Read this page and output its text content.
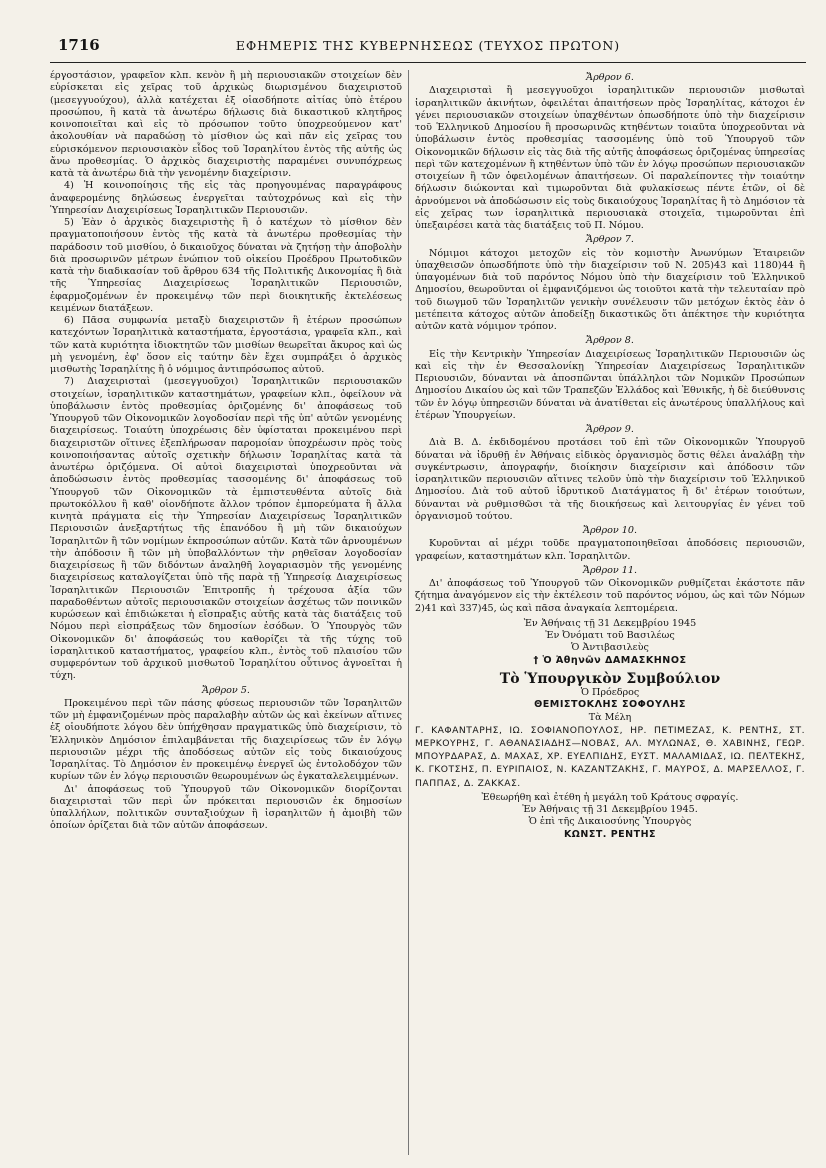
1716	ΕΦΗΜΕΡΙΣ ΤΗΣ ΚΥΒΕΡΝΗΣΕΩΣ (ΤΕΥΧΟΣ ΠΡΩΤΟΝ)

έργοστάσιον, γραφεῖον κλπ. κενὸν ἢ μὴ περιουσιακῶν στοιχείων δὲν εὑρίσκεται εἰς χεῖρας τοῦ ἀρχικὼς διωρισμένου διαχειριστοῦ (μεσεγγυούχου), ἀλλὰ κατέχεται ἐξ οἱασδήποτε αἰτίας ὑπὸ ἑτέρου προσώπου, ἢ κατὰ τὰ ἀνωτέρω δήλωσις διὰ δικαστικοῦ κλητῆρος κοινοποιεῖται καὶ εἰς τὸ πρόσωπον τοῦτο ὑποχρεούμενον κατ' ἀκολουθίαν νὰ παραδώσῃ τὸ μίσθιον ὡς καὶ πᾶν εἰς χεῖρας του εὑρισκόμενον περιουσιακὸν εἶδος τοῦ Ἰσραηλίτου ἐντὸς τῆς αὐτῆς ὡς ἄνω προθεσμίας. Ὁ ἀρχικὸς διαχειριστὴς παραμένει συνυπόχρεως κατὰ τὰ ἀνωτέρω διὰ τὴν γενομένην διαχείρισιν.

4) Ἡ κοινοποίησις τῆς εἰς τὰς προηγουμένας παραγράφους ἀναφερομένης δηλώσεως ἐνεργεῖται ταὐτοχρόνως καὶ εἰς τὴν Ὑπηρεσίαν Διαχειρίσεως Ἰσραηλιτικῶν Περιουσιῶν.

5) Ἐὰν ὁ ἀρχικὸς διαχειριστὴς ἢ ὁ κατέχων τὸ μίσθιον δὲν πραγματοποιήσουν ἐντὸς τῆς κατὰ τὰ ἀνωτέρω προθεσμίας τὴν παράδοσιν τοῦ μισθίου, ὁ δικαιοῦχος δύναται νὰ ζητήσῃ τὴν ἀποβολὴν διὰ προσωρινῶν μέτρων ἐνώπιον τοῦ οἰκείου Προέδρου Πρωτοδικῶν κατὰ τὴν διαδικασίαν τοῦ ἄρθρου 634 τῆς Πολιτικῆς Δικονομίας ἢ διὰ τῆς Ὑπηρεσίας Διαχειρίσεως Ἰσραηλιτικῶν Περιουσιῶν, ἐφαρμοζομένων ἐν προκειμένῳ τῶν περὶ διοικητικῆς ἐκτελέσεως κειμένων διατάξεων.

6) Πᾶσα συμφωνία μεταξὺ διαχειριστῶν ἢ ἑτέρων προσώπων κατεχόντων Ἰσραηλιτικὰ καταστήματα, ἐργοστάσια, γραφεῖα κλπ., καὶ τῶν κατὰ κυριότητα ἰδιοκτητῶν τῶν μισθίων θεωρεῖται ἄκυρος καὶ ὡς μὴ γενομένη, ἐφ' ὅσον εἰς ταύτην δὲν ἔχει συμπράξει ὁ ἀρχικὸς μισθωτὴς Ἰσραηλίτης ἢ ὁ νόμιμος ἀντιπρόσωπος αὐτοῦ.

7) Διαχειρισταὶ (μεσεγγυοῦχοι) Ἰσραηλιτικῶν περιουσιακῶν στοιχείων, ἰσραηλιτικῶν καταστημάτων, γραφείων κλπ., ὀφείλουν νὰ ὑποβάλωσιν ἐντὸς προθεσμίας ὁριζομένης δι' ἀποφάσεως τοῦ Ὑπουργοῦ τῶν Οἰκονομικῶν λογοδοσίαν περὶ τῆς ὑπ' αὐτῶν γενομένης διαχειρίσεως. Τοιαύτη ὑποχρέωσις δὲν ὑφίσταται προκειμένου περὶ διαχειριστῶν οἵτινες ἐξεπλήρωσαν παρομοίαν ὑποχρέωσιν πρὸς τοὺς κοινοποιήσαντας αὐτοῖς σχετικὴν δήλωσιν Ἰσραηλίτας κατὰ τὰ ἀνωτέρω ὁριζόμενα. Οἱ αὐτοὶ διαχειρισταὶ ὑποχρεοῦνται νὰ ἀποδώσωσιν ἐντὸς προθεσμίας τασσομένης δι' ἀποφάσεως τοῦ Ὑπουργοῦ τῶν Οἰκονομικῶν τὰ ἐμπιστευθέντα αὐτοῖς διὰ πρωτοκόλλου ἢ καθ' οἱονδήποτε ἄλλον τρόπον ἐμπορεύματα ἢ ἄλλα κινητὰ πράγματα εἰς τὴν Ὑπηρεσίαν Διαχειρίσεως Ἰσραηλιτικῶν Περιουσιῶν ἀνεξαρτήτως τῆς ἐπανόδου ἢ μὴ τῶν δικαιούχων Ἰσραηλιτῶν ἢ τῶν νομίμων ἐκπροσώπων αὐτῶν. Κατὰ τῶν ἀρνουμένων τὴν ἀπόδοσιν ἢ τῶν μὴ ὑποβαλλόντων τὴν ρηθεῖσαν λογοδοσίαν διαχειρίσεως ἢ τῶν διδόντων ἀναληθῆ λογαριασμὸν τῆς γενομένης διαχειρίσεως καταλογίζεται ὑπὸ τῆς παρὰ τῇ Ὑπηρεσίᾳ Διαχειρίσεως Ἰσραηλιτικῶν Περιουσιῶν Ἐπιτροπῆς ἡ τρέχουσα ἀξία τῶν παραδοθέντων αὐτοῖς περιουσιακῶν στοιχείων ἀσχέτως τῶν ποινικῶν κυρώσεων καὶ ἐπιδιώκεται ἡ εἴσπραξις αὐτῆς κατὰ τὰς διατάξεις τοῦ Νόμου περὶ εἰσπράξεως τῶν δημοσίων ἐσόδων. Ὁ Ὑπουργὸς τῶν Οἰκονομικῶν δι' ἀποφάσεώς του καθορίζει τὰ τῆς τύχης τοῦ ἰσραηλιτικοῦ καταστήματος, γραφείου κλπ., ἐντὸς τοῦ πλαισίου τῶν συμφερόντων τοῦ ἀρχικοῦ μισθωτοῦ Ἰσραηλίτου οὗτινος ἀγνοεῖται ἡ τύχη.

Ἄρθρον 5.

Προκειμένου περὶ τῶν πάσης φύσεως περιουσιῶν τῶν Ἰσραηλιτῶν τῶν μὴ ἐμφανιζομένων πρὸς παραλαβὴν αὐτῶν ὡς καὶ ἐκείνων αἵτινες ἐξ οἱουδήποτε λόγου δὲν ὑπήχθησαν πραγματικῶς ὑπὸ διαχείρισιν, τὸ Ἑλληνικὸν Δημόσιον ἐπιλαμβάνεται τῆς διαχειρίσεως τῶν ἐν λόγῳ περιουσιῶν μέχρι τῆς ἀποδόσεως αὐτῶν εἰς τοὺς δικαιούχους Ἰσραηλίτας. Τὸ Δημόσιον ἐν προκειμένῳ ἐνεργεῖ ὡς ἐντολοδόχον τῶν κυρίων τῶν ἐν λόγῳ περιουσιῶν θεωρουμένων ὡς ἐγκαταλελειμμένων.

Δι' ἀποφάσεως τοῦ Ὑπουργοῦ τῶν Οἰκονομικῶν διορίζονται διαχειρισταὶ τῶν περὶ ὧν πρόκειται περιουσιῶν ἐκ δημοσίων ὑπαλλήλων, πολιτικῶν συνταξιούχων ἢ ἰσραηλιτῶν ἡ ἀμοιβὴ τῶν ὁποίων ὁρίζεται διὰ τῶν αὐτῶν ἀποφάσεων.

Ἄρθρον 6.

Διαχειρισταὶ ἢ μεσεγγυοῦχοι ἰσραηλιτικῶν περιουσιῶν μισθωταὶ ἰσραηλιτικῶν ἀκινήτων, ὀφειλέται ἀπαιτήσεων πρὸς Ἰσραηλίτας, κάτοχοι ἐν γένει περιουσιακῶν στοιχείων ὑπαχθέντων ὁπωσδήποτε ὑπὸ τὴν διαχείρισιν τοῦ Ἑλληνικοῦ Δημοσίου ἢ προσωρινῶς κτηθέντων τοιαῦτα ὑποχρεοῦνται νὰ ὑποβάλωσιν ἐντὸς προθεσμίας τασσομένης ὑπὸ τοῦ Ὑπουργοῦ τῶν Οἰκονομικῶν δήλωσιν εἰς τὰς διὰ τῆς αὐτῆς ἀποφάσεως ὁριζομένας ὑπηρεσίας περὶ τῶν κατεχομένων ἢ κτηθέντων ὑπὸ τῶν ἐν λόγῳ προσώπων περιουσιακῶν στοιχείων ἢ τῶν ὀφειλομένων ἀπαιτήσεων. Οἱ παραλείποντες τὴν τοιαύτην δήλωσιν διώκονται καὶ τιμωροῦνται διὰ φυλακίσεως πέντε ἐτῶν, οἱ δὲ ἀρνούμενοι νὰ ἀποδώσωσιν εἰς τοὺς δικαιούχους Ἰσραηλίτας ἢ τὸ Δημόσιον τὰ εἰς χεῖρας των ἰσραηλιτικὰ περιουσιακὰ στοιχεῖα, τιμωροῦνται ἐπὶ ὑπεξαιρέσει κατὰ τὰς διατάξεις τοῦ Π. Νόμου.

Ἄρθρον 7.

Νόμιμοι κάτοχοι μετοχῶν εἰς τὸν κομιστὴν Ἀνωνύμων Ἑταιρειῶν ὑπαχθεισῶν ὁπωσδήποτε ὑπὸ τὴν διαχείρισιν τοῦ Ν. 205)43 καὶ 1180)44 ἢ ὑπαγομένων διὰ τοῦ παρόντος Νόμου ὑπὸ τὴν διαχείρισιν τοῦ Ἑλληνικοῦ Δημοσίου, θεωροῦνται οἱ ἐμφανιζόμενοι ὡς τοιοῦτοι κατὰ τὴν τελευταίαν πρὸ τοῦ διωγμοῦ τῶν Ἰσραηλιτῶν γενικὴν συνέλευσιν τῶν μετόχων ἐκτὸς ἐὰν ὁ μετέπειτα κάτοχος αὐτῶν ἀποδείξῃ δικαστικῶς ὅτι ἀπέκτησε τὴν κυριότητα αὐτῶν κατὰ νόμιμον τρόπον.

Ἄρθρον 8.

Εἰς τὴν Κεντρικὴν Ὑπηρεσίαν Διαχειρίσεως Ἰσραηλιτικῶν Περιουσιῶν ὡς καὶ εἰς τὴν ἐν Θεσσαλονίκῃ Ὑπηρεσίαν Διαχειρίσεως Ἰσραηλιτικῶν Περιουσιῶν, δύνανται νὰ ἀποσπῶνται ὑπάλληλοι τῶν Νομικῶν Προσώπων Δημοσίου Δικαίου ὡς καὶ τῶν Τραπεζῶν Ἑλλάδος καὶ Ἐθνικῆς, ἡ δὲ διεύθυνσις τῶν ἐν λόγῳ ὑπηρεσιῶν δύναται νὰ ἀνατίθεται εἰς ἀνωτέρους ὑπαλλήλους καὶ ἑτέρων Ὑπουργείων.

Ἄρθρον 9.

Διὰ Β. Δ. ἐκδιδομένου προτάσει τοῦ ἐπὶ τῶν Οἰκονομικῶν Ὑπουργοῦ δύναται νὰ ἱδρυθῇ ἐν Ἀθήναις εἰδικὸς ὀργανισμὸς ὅστις θέλει ἀναλάβῃ τὴν συγκέντρωσιν, ἀπογραφήν, διοίκησιν διαχείρισιν καὶ ἀπόδοσιν τῶν ἰσραηλιτικῶν περιουσιῶν αἵτινες τελοῦν ὑπὸ τὴν διαχείρισιν τοῦ Ἑλληνικοῦ Δημοσίου. Διὰ τοῦ αὐτοῦ ἱδρυτικοῦ Διατάγματος ἢ δι' ἑτέρων τοιούτων, δύνανται νὰ ρυθμισθῶσι τὰ τῆς διοικήσεως καὶ λειτουργίας ἐν γένει τοῦ ὀργανισμοῦ τούτου.

Ἄρθρον 10.

Κυροῦνται αἱ μέχρι τοῦδε πραγματοποιηθεῖσαι ἀποδόσεις περιουσιῶν, γραφείων, καταστημάτων κλπ. Ἰσραηλιτῶν.

Ἄρθρον 11.

Δι' ἀποφάσεως τοῦ Ὑπουργοῦ τῶν Οἰκονομικῶν ρυθμίζεται ἑκάστοτε πᾶν ζήτημα ἀναγόμενον εἰς τὴν ἐκτέλεσιν τοῦ παρόντος νόμου, ὡς καὶ τῶν Νόμων 2)41 καὶ 337)45, ὡς καὶ πᾶσα ἀναγκαία λεπτομέρεια.

Ἐν Ἀθήναις τῇ 31 Δεκεμβρίου 1945
Ἐν Ὀνόματι τοῦ Βασιλέως
Ὁ Ἀντιβασιλεὺς
† Ὁ Ἀθηνῶν ΔΑΜΑΣΚΗΝΟΣ
Τὸ Ὑπουργικὸν Συμβούλιον
Ὁ Πρόεδρος
ΘΕΜΙΣΤΟΚΛΗΣ ΣΟΦΟΥΛΗΣ
Τὰ Μέλη
Γ. ΚΑΦΑΝΤΑΡΗΣ, ΙΩ. ΣΟΦΙΑΝΟΠΟΥΛΟΣ, ΗΡ. ΠΕΤΙΜΕΖΑΣ, Κ. ΡΕΝΤΗΣ, ΣΤ. ΜΕΡΚΟΥΡΗΣ, Γ. ΑΘΑΝΑΣΙΑΔΗΣ—ΝΟΒΑΣ, ΑΛ. ΜΥΛΩΝΑΣ, Θ. ΧΑΒΙΝΗΣ, ΓΕΩΡ. ΜΠΟΥΡΔΑΡΑΣ, Δ. ΜΑΧΑΣ, ΧΡ. ΕΥΕΛΠΙΔΗΣ, ΕΥΣΤ. ΜΑΛΑΜΙΔΑΣ, ΙΩ. ΠΕΛΤΕΚΗΣ, Κ. ΓΚΟΤΣΗΣ, Π. ΕΥΡΙΠΑΙΟΣ, Ν. ΚΑΖΑΝΤΖΑΚΗΣ, Γ. ΜΑΥΡΟΣ, Δ. ΜΑΡΣΕΛΛΟΣ, Γ. ΠΑΠΠΑΣ, Δ. ΖΑΚΚΑΣ.
Ἐθεωρήθη καὶ ἐτέθη ἡ μεγάλη τοῦ Κράτους σφραγίς.
Ἐν Ἀθήναις τῇ 31 Δεκεμβρίου 1945.
Ὁ ἐπὶ τῆς Δικαιοσύνης Ὑπουργὸς
ΚΩΝΣΤ. ΡΕΝΤΗΣ
